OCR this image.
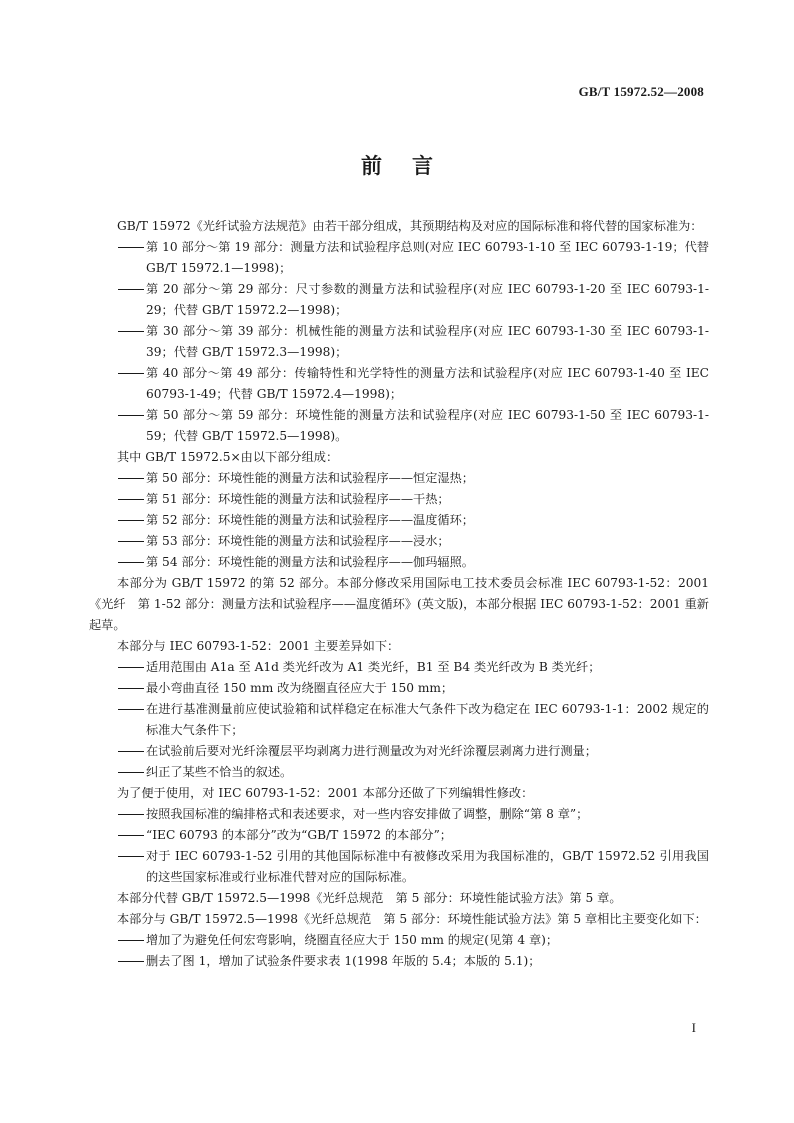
GB/T 15972.52—2008
前言

GB/T 15972《光纤试验方法规范》由若干部分组成，其预期结构及对应的国际标准和将代替的国家标准为：

第 10 部分～第 19 部分：测量方法和试验程序总则(对应 IEC 60793-1-10 至 IEC 60793-1-19；代替 GB/T 15972.1—1998)；

第 20 部分～第 29 部分：尺寸参数的测量方法和试验程序(对应 IEC 60793-1-20 至 IEC 60793-1-29；代替 GB/T 15972.2—1998)；

第 30 部分～第 39 部分：机械性能的测量方法和试验程序(对应 IEC 60793-1-30 至 IEC 60793-1-39；代替 GB/T 15972.3—1998)；

第 40 部分～第 49 部分：传输特性和光学特性的测量方法和试验程序(对应 IEC 60793-1-40 至 IEC 60793-1-49；代替 GB/T 15972.4—1998)；

第 50 部分～第 59 部分：环境性能的测量方法和试验程序(对应 IEC 60793-1-50 至 IEC 60793-1-59；代替 GB/T 15972.5—1998)。

其中 GB/T 15972.5×由以下部分组成：

第 50 部分：环境性能的测量方法和试验程序——恒定湿热；

第 51 部分：环境性能的测量方法和试验程序——干热；

第 52 部分：环境性能的测量方法和试验程序——温度循环；

第 53 部分：环境性能的测量方法和试验程序——浸水；

第 54 部分：环境性能的测量方法和试验程序——伽玛辐照。

本部分为 GB/T 15972 的第 52 部分。本部分修改采用国际电工技术委员会标准 IEC 60793-1-52：2001《光纤　第 1-52 部分：测量方法和试验程序——温度循环》(英文版)，本部分根据 IEC 60793-1-52：2001 重新起草。

本部分与 IEC 60793-1-52：2001 主要差异如下：

适用范围由 A1a 至 A1d 类光纤改为 A1 类光纤，B1 至 B4 类光纤改为 B 类光纤；

最小弯曲直径 150 mm 改为绕圈直径应大于 150 mm；

在进行基准测量前应使试验箱和试样稳定在标准大气条件下改为稳定在 IEC 60793-1-1：2002 规定的标准大气条件下；

在试验前后要对光纤涂覆层平均剥离力进行测量改为对光纤涂覆层剥离力进行测量；

纠正了某些不恰当的叙述。

为了便于使用，对 IEC 60793-1-52：2001 本部分还做了下列编辑性修改：

按照我国标准的编排格式和表述要求，对一些内容安排做了调整，删除“第 8 章”；

“IEC 60793 的本部分”改为“GB/T 15972 的本部分”；

对于 IEC 60793-1-52 引用的其他国际标准中有被修改采用为我国标准的，GB/T 15972.52 引用我国的这些国家标准或行业标准代替对应的国际标准。

本部分代替 GB/T 15972.5—1998《光纤总规范　第 5 部分：环境性能试验方法》第 5 章。

本部分与 GB/T 15972.5—1998《光纤总规范　第 5 部分：环境性能试验方法》第 5 章相比主要变化如下：

增加了为避免任何宏弯影响，绕圈直径应大于 150 mm 的规定(见第 4 章)；

删去了图 1，增加了试验条件要求表 1(1998 年版的 5.4；本版的 5.1)；

I
